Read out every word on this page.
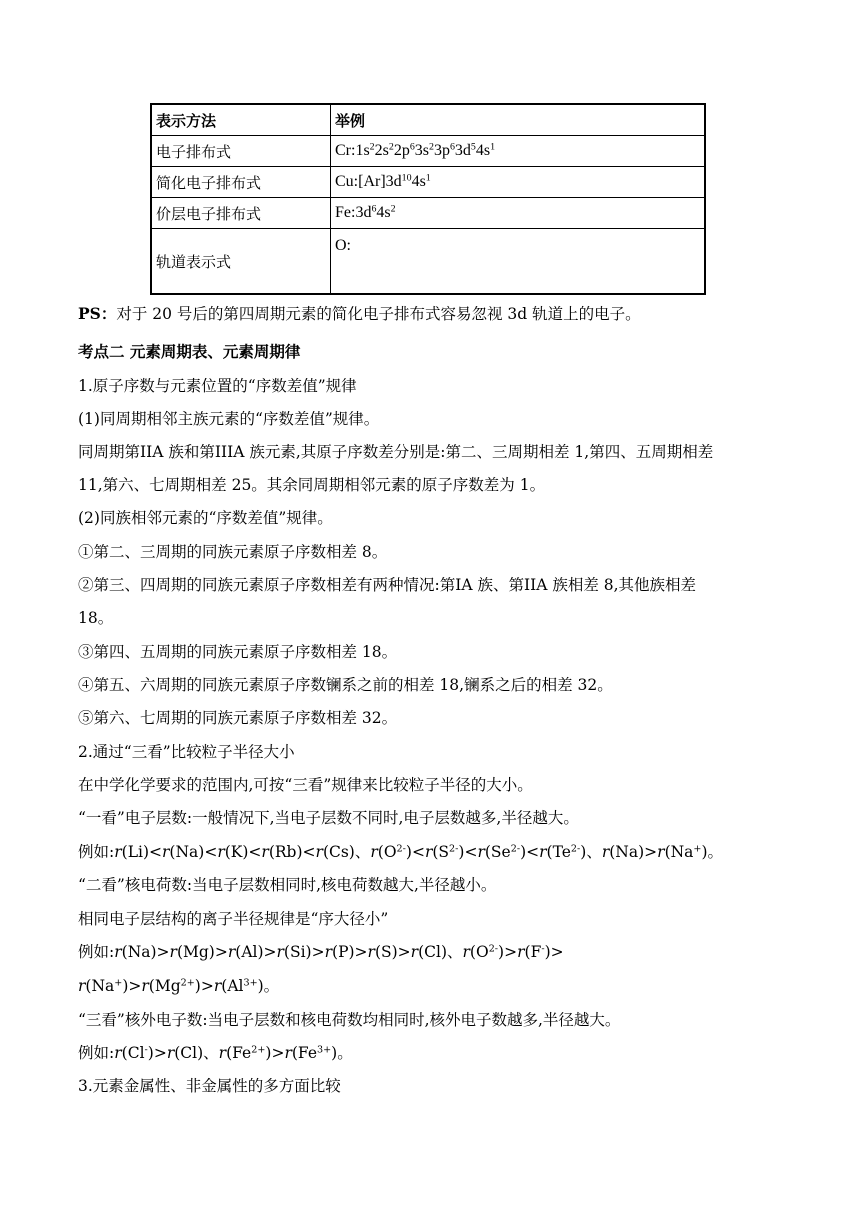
表示方法	举例
电子排布式	$Cr:1s^22s^22p^63s^23p^63d^54s^1$
简化电子排布式	$Cu:[Ar]3d^{10}4s^1$
价层电子排布式	$Fe:3d^64s^2$
轨道表示式	O:
PS：对于 20 号后的第四周期元素的简化电子排布式容易忽视 3d 轨道上的电子。
考点二 元素周期表、元素周期律
1.原子序数与元素位置的“序数差值”规律
(1)同周期相邻主族元素的“序数差值”规律。
同周期第IIA 族和第IIIA 族元素,其原子序数差分别是:第二、三周期相差 1,第四、五周期相差
11,第六、七周期相差 25。其余同周期相邻元素的原子序数差为 1。
(2)同族相邻元素的“序数差值”规律。
①第二、三周期的同族元素原子序数相差 8。
②第三、四周期的同族元素原子序数相差有两种情况:第IA 族、第IIA 族相差 8,其他族相差
18。
③第四、五周期的同族元素原子序数相差 18。
④第五、六周期的同族元素原子序数镧系之前的相差 18,镧系之后的相差 32。
⑤第六、七周期的同族元素原子序数相差 32。
2.通过“三看”比较粒子半径大小
在中学化学要求的范围内,可按“三看”规律来比较粒子半径的大小。
“一看”电子层数:一般情况下,当电子层数不同时,电子层数越多,半径越大。
例如:r(Li)<r(Na)<r(K)<r(Rb)<r(Cs)、$r(O^{2-})<r(S^{2-})<r(Se^{2-})<r(Te^{2-})$、r(Na)>r(Na+)。
“二看”核电荷数:当电子层数相同时,核电荷数越大,半径越小。
相同电子层结构的离子半径规律是“序大径小”
例如:r(Na)>r(Mg)>r(Al)>r(Si)>r(P)>r(S)>r(Cl)、$r(O^{2-})>r(F^-)>$
$r(Na^+)>r(Mg^{2+})>r(Al^{3+})$。
“三看”核外电子数:当电子层数和核电荷数均相同时,核外电子数越多,半径越大。
例如:r(Cl-)>r(Cl)、$r(Fe^{2+})>r(Fe^{3+})$。
3.元素金属性、非金属性的多方面比较
